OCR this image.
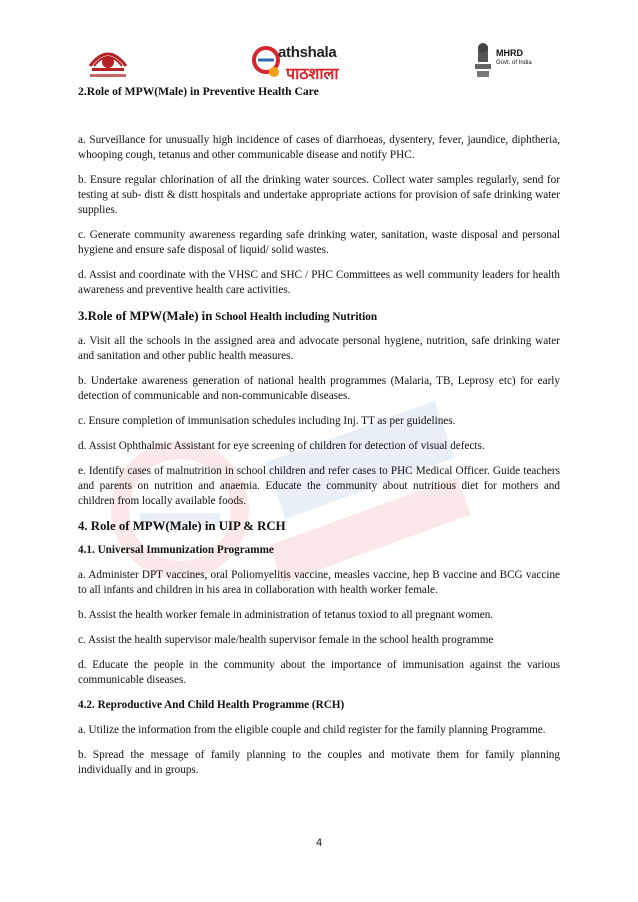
athshala
पाठशाला
MHRD
Govt. of India
2.Role of MPW(Male) in Preventive Health Care

a. Surveillance for unusually high incidence of cases of diarrhoeas, dysentery, fever, jaundice, diphtheria, whooping cough, tetanus and other communicable disease and notify PHC.

b. Ensure regular chlorination of all the drinking water sources. Collect water samples regularly, send for testing at sub- distt & distt hospitals and undertake appropriate actions for provision of safe drinking water supplies.

c. Generate community awareness regarding safe drinking water, sanitation, waste disposal and personal hygiene and ensure safe disposal of liquid/ solid wastes.

d. Assist and coordinate with the VHSC and SHC / PHC Committees as well community leaders for health awareness and preventive health care activities.

3.Role of MPW(Male) in School Health including Nutrition

a. Visit all the schools in the assigned area and advocate personal hygiene, nutrition, safe drinking water and sanitation and other public health measures.

b. Undertake awareness generation of national health programmes (Malaria, TB, Leprosy etc) for early detection of communicable and non-communicable diseases.

c. Ensure completion of immunisation schedules including Inj. TT as per guidelines.

d. Assist Ophthalmic Assistant for eye screening of children for detection of visual defects.

e. Identify cases of malnutrition in school children and refer cases to PHC Medical Officer. Guide teachers and parents on nutrition and anaemia. Educate the community about nutritious diet for mothers and children from locally available foods.

4. Role of MPW(Male) in UIP & RCH
4.1. Universal Immunization Programme

a. Administer DPT vaccines, oral Poliomyelitis vaccine, measles vaccine, hep B vaccine and BCG vaccine to all infants and children in his area in collaboration with health worker female.

b. Assist the health worker female in administration of tetanus toxiod to all pregnant women.

c. Assist the health supervisor male/health supervisor female in the school health programme

d. Educate the people in the community about the importance of immunisation against the various communicable diseases.

4.2. Reproductive And Child Health Programme (RCH)

a. Utilize the information from the eligible couple and child register for the family planning Programme.

b. Spread the message of family planning to the couples and motivate them for family planning individually and in groups.

4
